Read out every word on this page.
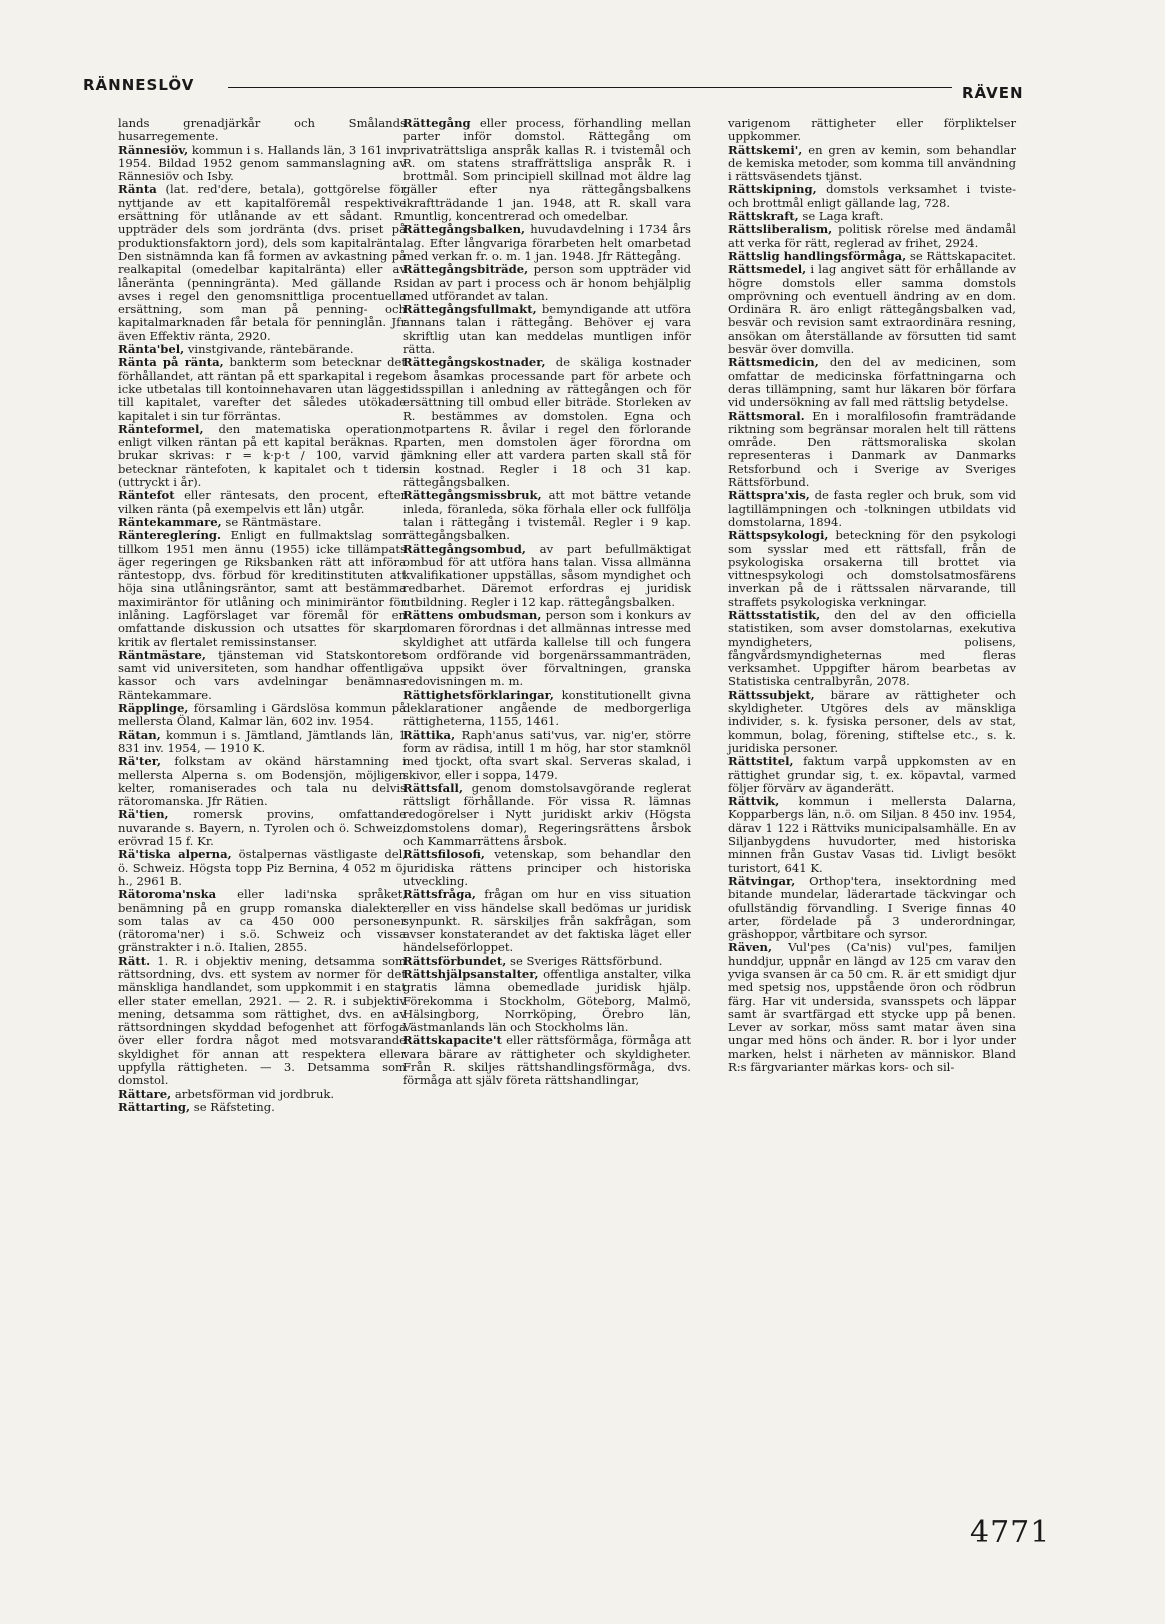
RÄNNESLÖV	RÄVEN

lands grenadjärkår och Smålands husarregemente.

Rännesiöv, kommun i s. Hallands län, 3 161 inv. 1954. Bildad 1952 genom sammanslagning av Rännesiöv och Isby.

Ränta (lat. red'dere, betala), gottgörelse för nyttjande av ett kapitalföremål respektive ersättning för utlånande av ett sådant. R. uppträder dels som jordränta (dvs. priset på produktionsfaktorn jord), dels som kapitalränta. Den sistnämnda kan få formen av avkastning på realkapital (omedelbar kapitalränta) eller av lånеränta (penningränta). Med gällande R. avses i regel den genomsnittliga procentuella ersättning, som man på penning- och kapitalmarknaden får betala för penninglån. Jfr även Effektiv ränta, 2920.

Ränta'bel, vinstgivande, räntebärande.

Ränta på ränta, bankterm som betecknar det förhållandet, att räntan på ett sparkapital i regel icke utbetalas till kontoinnehavaren utan lägges till kapitalet, varefter det således utökade kapitalet i sin tur förräntas.

Ränteformel, den matematiska operation, enligt vilken räntan på ett kapital beräknas. R. brukar skrivas: r = k·p·t / 100, varvid r betecknar räntefoten, k kapitalet och t tiden (uttryckt i år).

Räntefot eller räntesats, den procent, efter vilken ränta (på exempelvis ett lån) utgår.

Räntekammare, se Räntmästare.

Ränteregleríng. Enligt en fullmaktslag som tillkom 1951 men ännu (1955) icke tillämpats äger regeringen ge Riksbanken rätt att införa räntestopp, dvs. förbud för kreditinstituten att höja sina utlåningsräntor, samt att bestämma maximiräntor för utlåning och minimiräntor för inlåning. Lagförslaget var föremål för en omfattande diskussion och utsattes för skarp kritik av flertalet remissinstanser.

Räntmästare, tjänsteman vid Statskontoret samt vid universiteten, som handhar offentliga kassor och vars avdelningar benämnas Räntekammare.

Räpplinge, församling i Gärdslösa kommun på mellersta Öland, Kalmar län, 602 inv. 1954.

Rätan, kommun i s. Jämtland, Jämtlands län, 1 831 inv. 1954, — 1910 K.

Rä'ter, folkstam av okänd härstamning i mellersta Alperna s. om Bodensjön, möjligen kelter, romaniserades och tala nu delvis rätoromanska. Jfr Rätien.

Rä'tien, romersk provins, omfattande nuvarande s. Bayern, n. Tyrolen och ö. Schweiz, erövrad 15 f. Kr.

Rä'tiska alperna, östalpernas västligaste del, ö. Schweiz. Högsta topp Piz Bernina, 4 052 m ö. h., 2961 B.

Rätoroma'nska eller ladi'nska språket, benämning på en grupp romanska dialekter, som talas av ca 450 000 personer (rätoroma'ner) i s.ö. Schweiz och vissa gränstrakter i n.ö. Italien, 2855.

Rätt. 1. R. i objektiv mening, detsamma som rättsordning, dvs. ett system av normer för det mänskliga handlandet, som uppkommit i en stat eller stater emellan, 2921. — 2. R. i subjektiv mening, detsamma som rättighet, dvs. en av rättsordningen skyddad befogenhet att förfoga över eller fordra något med motsvarande skyldighet för annan att respektera eller uppfylla rättigheten. — 3. Detsamma som domstol.

Rättare, arbetsförman vid jordbruk.

Rättarting, se Räfsteting.

Rättegång eller process, förhandling mellan parter inför domstol. Rättegång om privaträttsliga anspråk kallas R. i tvistemål och R. om statens straffrättsliga anspråk R. i brottmål. Som principiell skillnad mot äldre lag gäller efter nya rättegångsbalkens ikraftträdande 1 jan. 1948, att R. skall vara muntlig, koncentrerad och omedelbar.

Rättegångsbalken, huvudavdelning i 1734 års lag. Efter långvariga förarbeten helt omarbetad med verkan fr. o. m. 1 jan. 1948. Jfr Rättegång.

Rättegångsbiträde, person som uppträder vid sidan av part i process och är honom behjälplig med utförandet av talan.

Rättegångsfullmakt, bemyndigande att utföra annans talan i rättegång. Behöver ej vara skriftlig utan kan meddelas muntligen inför rätta.

Rättegångskostnader, de skäliga kostnader som åsamkas processande part för arbete och tidsspillan i anledning av rättegången och för ersättning till ombud eller biträde. Storleken av R. bestämmes av domstolen. Egna och motpartens R. åvilar i regel den förlorande parten, men domstolen äger förordna om jämkning eller att vardera parten skall stå för sin kostnad. Regler i 18 och 31 kap. rättegångsbalken.

Rättegångsmissbruk, att mot bättre vetande inleda, föranleda, söka förhala eller ock fullfölja talan i rättegång i tvistemål. Regler i 9 kap. rättegångsbalken.

Rättegångsombud, av part befullmäktigat ombud för att utföra hans talan. Vissa allmänna kvalifikationer uppställas, såsom myndighet och redbarhet. Däremot erfordras ej juridisk utbildning. Regler i 12 kap. rättegångsbalken.

Rättens ombudsman, person som i konkurs av domaren förordnas i det allmännas intresse med skyldighet att utfärda kallelse till och fungera som ordförande vid borgenärssammanträden, öva uppsikt över förvaltningen, granska redovisningen m. m.

Rättighetsförklaringar, konstitutionellt givna deklarationer angående de medborgerliga rättigheterna, 1155, 1461.

Rättika, Raph'anus sati'vus, var. nig'er, större form av rädisa, intill 1 m hög, har stor stamknöl med tjockt, ofta svart skal. Serveras skalad, i skivor, eller i soppa, 1479.

Rättsfall, genom domstolsavgörande reglerat rättsligt förhållande. För vissa R. lämnas redogörelser i Nytt juridiskt arkiv (Högsta domstolens domar), Regeringsrättens årsbok och Kammarrättens årsbok.

Rättsfilosofi, vetenskap, som behandlar den juridiska rättens principer och historiska utveckling.

Rättsfråga, frågan om hur en viss situation eller en viss händelse skall bedömas ur juridisk synpunkt. R. särskiljes från sakfrågan, som avser konstaterandet av det faktiska läget eller händelseförloppet.

Rättsförbundet, se Sveriges Rättsförbund.

Rättshjälpsanstalter, offentliga anstalter, vilka gratis lämna obemedlade juridisk hjälp. Förekomma i Stockholm, Göteborg, Malmö, Hälsingborg, Norrköping, Örebro län, Västmanlands län och Stockholms län.

Rättskapacite't eller rättsförmåga, förmåga att vara bärare av rättigheter och skyldigheter. Från R. skiljes rättshandlingsförmåga, dvs. förmåga att själv företa rättshandlingar,

varigenom rättigheter eller förpliktelser uppkommer.

Rättskemi', en gren av kemin, som behandlar de kemiska metoder, som komma till användning i rättsväsendets tjänst.

Rättskipning, domstols verksamhet i tviste- och brottmål enligt gällande lag, 728.

Rättskraft, se Laga kraft.

Rättsliberalism, politisk rörelse med ändamål att verka för rätt, reglerad av frihet, 2924.

Rättslig handlingsförmåga, se Rättskapacitet.

Rättsmedel, i lag angivet sätt för erhållande av högre domstols eller samma domstols omprövning och eventuell ändring av en dom. Ordinära R. äro enligt rättegångsbalken vad, besvär och revision samt extraordinära resning, ansökan om återställande av försutten tid samt besvär över domvilla.

Rättsmedicin, den del av medicinen, som omfattar de medicinska författningarna och deras tillämpning, samt hur läkaren bör förfara vid undersökning av fall med rättslig betydelse.

Rättsmoral. En i moralfilosofin framträdande riktning som begränsar moralen helt till rättens område. Den rättsmoraliska skolan representeras i Danmark av Danmarks Retsforbund och i Sverige av Sveriges Rättsförbund.

Rättspra'xis, de fasta regler och bruk, som vid lagtillämpningen och -tolkningen utbildats vid domstolarna, 1894.

Rättspsykologi, beteckning för den psykologi som sysslar med ett rättsfall, från de psykologiska orsakerna till brottet via vittnespsykologi och domstolsatmosfärens inverkan på de i rättssalen närvarande, till straffets psykologiska verkningar.

Rättsstatistik, den del av den officiella statistiken, som avser domstolarnas, exekutiva myndigheters, polisens, fångvårdsmyndigheternas med fleras verksamhet. Uppgifter härom bearbetas av Statistiska centralbyrån, 2078.

Rättssubjekt, bärare av rättigheter och skyldigheter. Utgöres dels av mänskliga individer, s. k. fysiska personer, dels av stat, kommun, bolag, förening, stiftelse etc., s. k. juridiska personer.

Rättstitel, faktum varpå uppkomsten av en rättighet grundar sig, t. ex. köpavtal, varmed följer förvärv av äganderätt.

Rättvik, kommun i mellersta Dalarna, Kopparbergs län, n.ö. om Siljan. 8 450 inv. 1954, därav 1 122 i Rättviks municipalsamhälle. En av Siljanbygdens huvudorter, med historiska minnen från Gustav Vasas tid. Livligt besökt turistort, 641 K.

Rätvingar, Orthop'tera, insektordning med bitande mundelar, läderartade täckvingar och ofullständig förvandling. I Sverige finnas 40 arter, fördelade på 3 underordningar, gräshoppor, vårtbitare och syrsor.

Räven, Vul'pes (Ca'nis) vul'pes, familjen hunddjur, uppnår en längd av 125 cm varav den yviga svansen är ca 50 cm. R. är ett smidigt djur med spetsig nos, uppstående öron och rödbrun färg. Har vit undersida, svansspets och läppar samt är svartfärgad ett stycke upp på benen. Lever av sorkar, möss samt matar även sina ungar med höns och änder. R. bor i lyor under marken, helst i närheten av människor. Bland R:s färgvarianter märkas kors- och sil-

4771
